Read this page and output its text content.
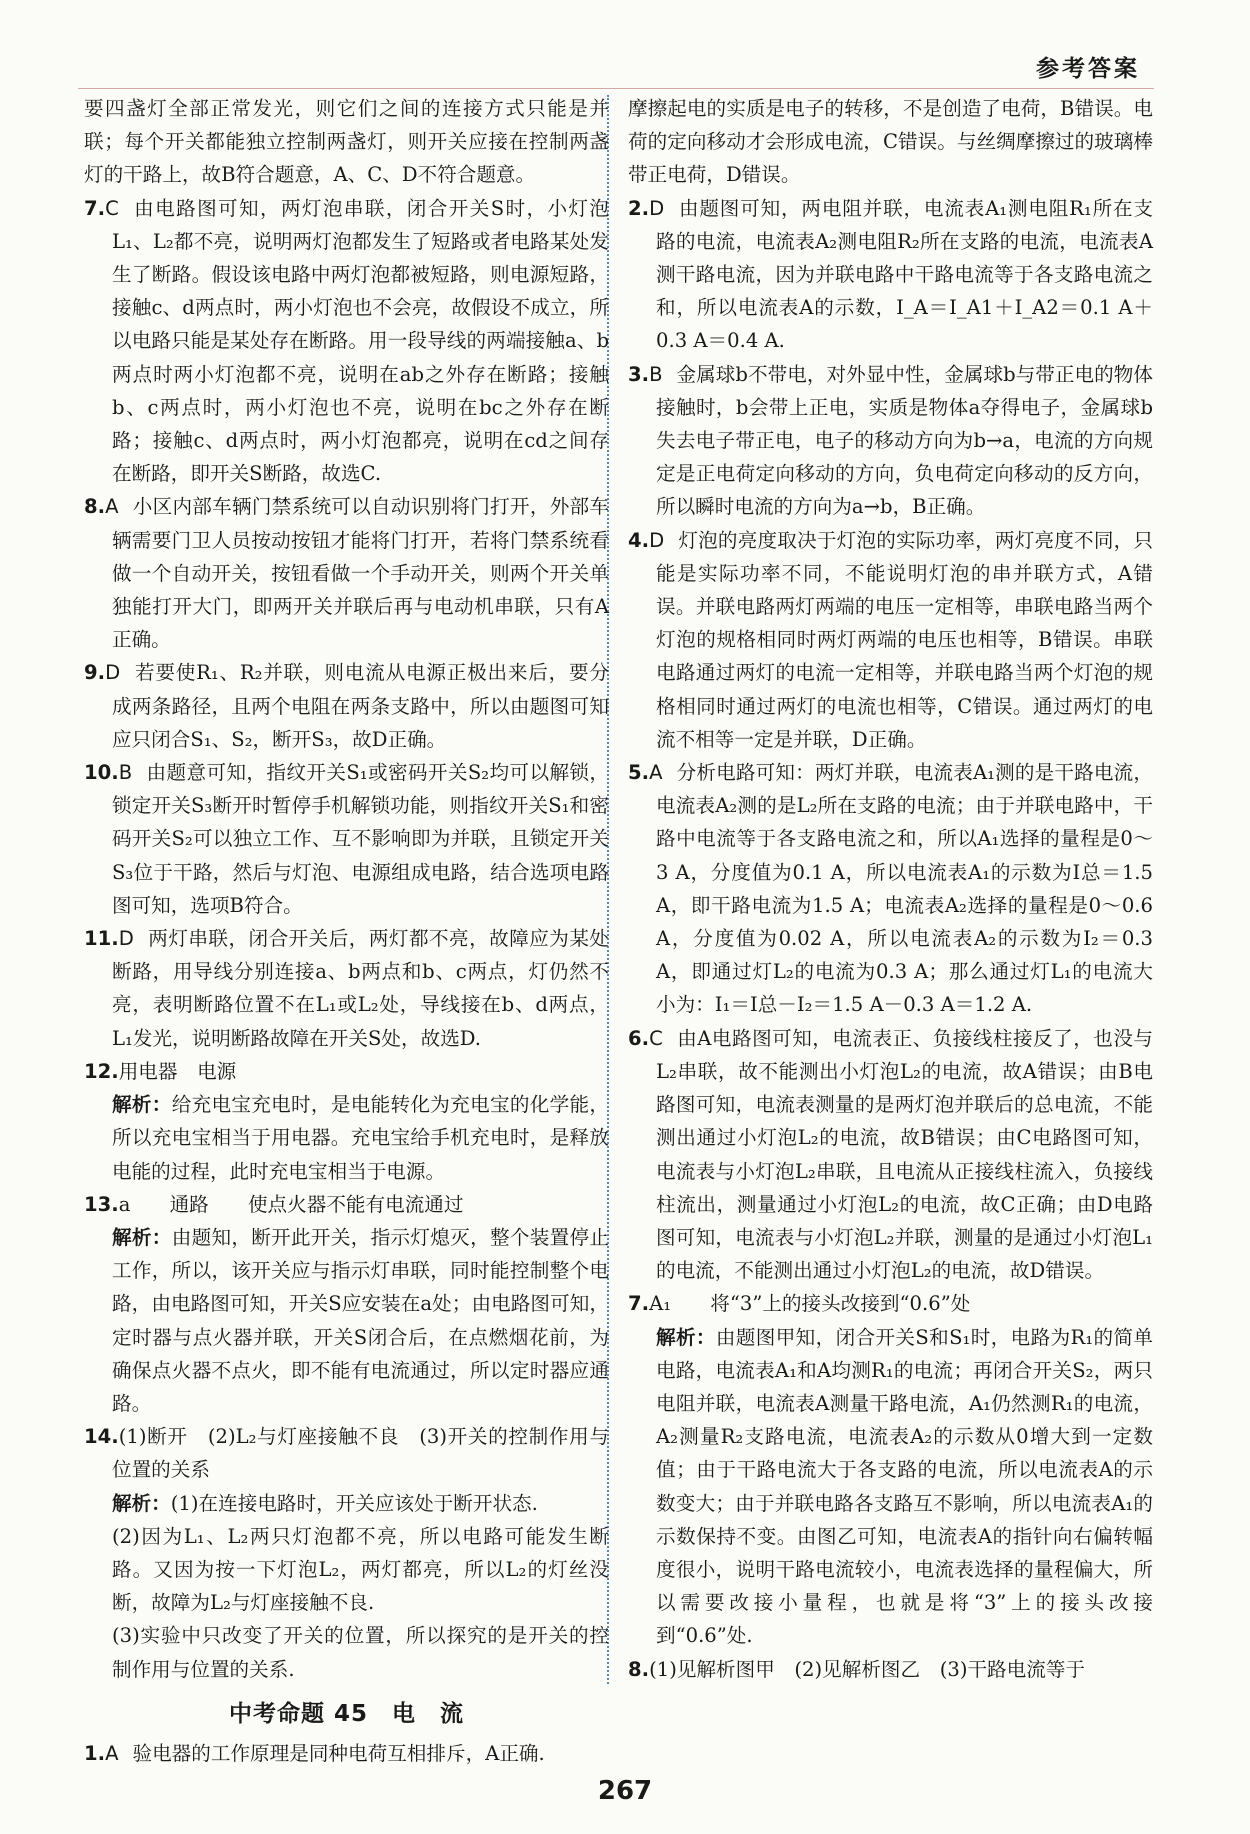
参考答案

要四盏灯全部正常发光，则它们之间的连接方式只能是并联；每个开关都能独立控制两盏灯，则开关应接在控制两盏灯的干路上，故B符合题意，A、C、D不符合题意。

7.C 由电路图可知，两灯泡串联，闭合开关S时，小灯泡L₁、L₂都不亮，说明两灯泡都发生了短路或者电路某处发生了断路。假设该电路中两灯泡都被短路，则电源短路，接触c、d两点时，两小灯泡也不会亮，故假设不成立，所以电路只能是某处存在断路。用一段导线的两端接触a、b两点时两小灯泡都不亮，说明在ab之外存在断路；接触b、c两点时，两小灯泡也不亮，说明在bc之外存在断路；接触c、d两点时，两小灯泡都亮，说明在cd之间存在断路，即开关S断路，故选C.

8.A 小区内部车辆门禁系统可以自动识别将门打开，外部车辆需要门卫人员按动按钮才能将门打开，若将门禁系统看做一个自动开关，按钮看做一个手动开关，则两个开关单独能打开大门，即两开关并联后再与电动机串联，只有A正确。

9.D 若要使R₁、R₂并联，则电流从电源正极出来后，要分成两条路径，且两个电阻在两条支路中，所以由题图可知应只闭合S₁、S₂，断开S₃，故D正确。

10.B 由题意可知，指纹开关S₁或密码开关S₂均可以解锁，锁定开关S₃断开时暂停手机解锁功能，则指纹开关S₁和密码开关S₂可以独立工作、互不影响即为并联，且锁定开关S₃位于干路，然后与灯泡、电源组成电路，结合选项电路图可知，选项B符合。

11.D 两灯串联，闭合开关后，两灯都不亮，故障应为某处断路，用导线分别连接a、b两点和b、c两点，灯仍然不亮，表明断路位置不在L₁或L₂处，导线接在b、d两点，L₁发光，说明断路故障在开关S处，故选D.

12.用电器　电源

解析：给充电宝充电时，是电能转化为充电宝的化学能，所以充电宝相当于用电器。充电宝给手机充电时，是释放电能的过程，此时充电宝相当于电源。

13.a　　通路　　使点火器不能有电流通过

解析：由题知，断开此开关，指示灯熄灭，整个装置停止工作，所以，该开关应与指示灯串联，同时能控制整个电路，由电路图可知，开关S应安装在a处；由电路图可知，定时器与点火器并联，开关S闭合后，在点燃烟花前，为确保点火器不点火，即不能有电流通过，所以定时器应通路。

14.(1)断开　(2)L₂与灯座接触不良　(3)开关的控制作用与位置的关系

解析：(1)在连接电路时，开关应该处于断开状态.

(2)因为L₁、L₂两只灯泡都不亮，所以电路可能发生断路。又因为按一下灯泡L₂，两灯都亮，所以L₂的灯丝没断，故障为L₂与灯座接触不良.

(3)实验中只改变了开关的位置，所以探究的是开关的控制作用与位置的关系.

中考命题 45　电　流

1.A 验电器的工作原理是同种电荷互相排斥，A正确.

摩擦起电的实质是电子的转移，不是创造了电荷，B错误。电荷的定向移动才会形成电流，C错误。与丝绸摩擦过的玻璃棒带正电荷，D错误。

2.D 由题图可知，两电阻并联，电流表A₁测电阻R₁所在支路的电流，电流表A₂测电阻R₂所在支路的电流，电流表A测干路电流，因为并联电路中干路电流等于各支路电流之和，所以电流表A的示数，I_A＝I_A1＋I_A2＝0.1 A＋0.3 A＝0.4 A.

3.B 金属球b不带电，对外显中性，金属球b与带正电的物体接触时，b会带上正电，实质是物体a夺得电子，金属球b失去电子带正电，电子的移动方向为b→a，电流的方向规定是正电荷定向移动的方向，负电荷定向移动的反方向，所以瞬时电流的方向为a→b，B正确。

4.D 灯泡的亮度取决于灯泡的实际功率，两灯亮度不同，只能是实际功率不同，不能说明灯泡的串并联方式，A错误。并联电路两灯两端的电压一定相等，串联电路当两个灯泡的规格相同时两灯两端的电压也相等，B错误。串联电路通过两灯的电流一定相等，并联电路当两个灯泡的规格相同时通过两灯的电流也相等，C错误。通过两灯的电流不相等一定是并联，D正确。

5.A 分析电路可知：两灯并联，电流表A₁测的是干路电流，电流表A₂测的是L₂所在支路的电流；由于并联电路中，干路中电流等于各支路电流之和，所以A₁选择的量程是0～3 A，分度值为0.1 A，所以电流表A₁的示数为I总＝1.5 A，即干路电流为1.5 A；电流表A₂选择的量程是0～0.6 A，分度值为0.02 A，所以电流表A₂的示数为I₂＝0.3 A，即通过灯L₂的电流为0.3 A；那么通过灯L₁的电流大小为：I₁＝I总－I₂＝1.5 A－0.3 A＝1.2 A.

6.C 由A电路图可知，电流表正、负接线柱接反了，也没与L₂串联，故不能测出小灯泡L₂的电流，故A错误；由B电路图可知，电流表测量的是两灯泡并联后的总电流，不能测出通过小灯泡L₂的电流，故B错误；由C电路图可知，电流表与小灯泡L₂串联，且电流从正接线柱流入，负接线柱流出，测量通过小灯泡L₂的电流，故C正确；由D电路图可知，电流表与小灯泡L₂并联，测量的是通过小灯泡L₁的电流，不能测出通过小灯泡L₂的电流，故D错误。

7.A₁　　将“3”上的接头改接到“0.6”处

解析：由题图甲知，闭合开关S和S₁时，电路为R₁的简单电路，电流表A₁和A均测R₁的电流；再闭合开关S₂，两只电阻并联，电流表A测量干路电流，A₁仍然测R₁的电流，A₂测量R₂支路电流，电流表A₂的示数从0增大到一定数值；由于干路电流大于各支路的电流，所以电流表A的示数变大；由于并联电路各支路互不影响，所以电流表A₁的示数保持不变。由图乙可知，电流表A的指针向右偏转幅度很小，说明干路电流较小，电流表选择的量程偏大，所以需要改接小量程，也就是将“3”上的接头改接到“0.6”处.

8.(1)见解析图甲　(2)见解析图乙　(3)干路电流等于

267
